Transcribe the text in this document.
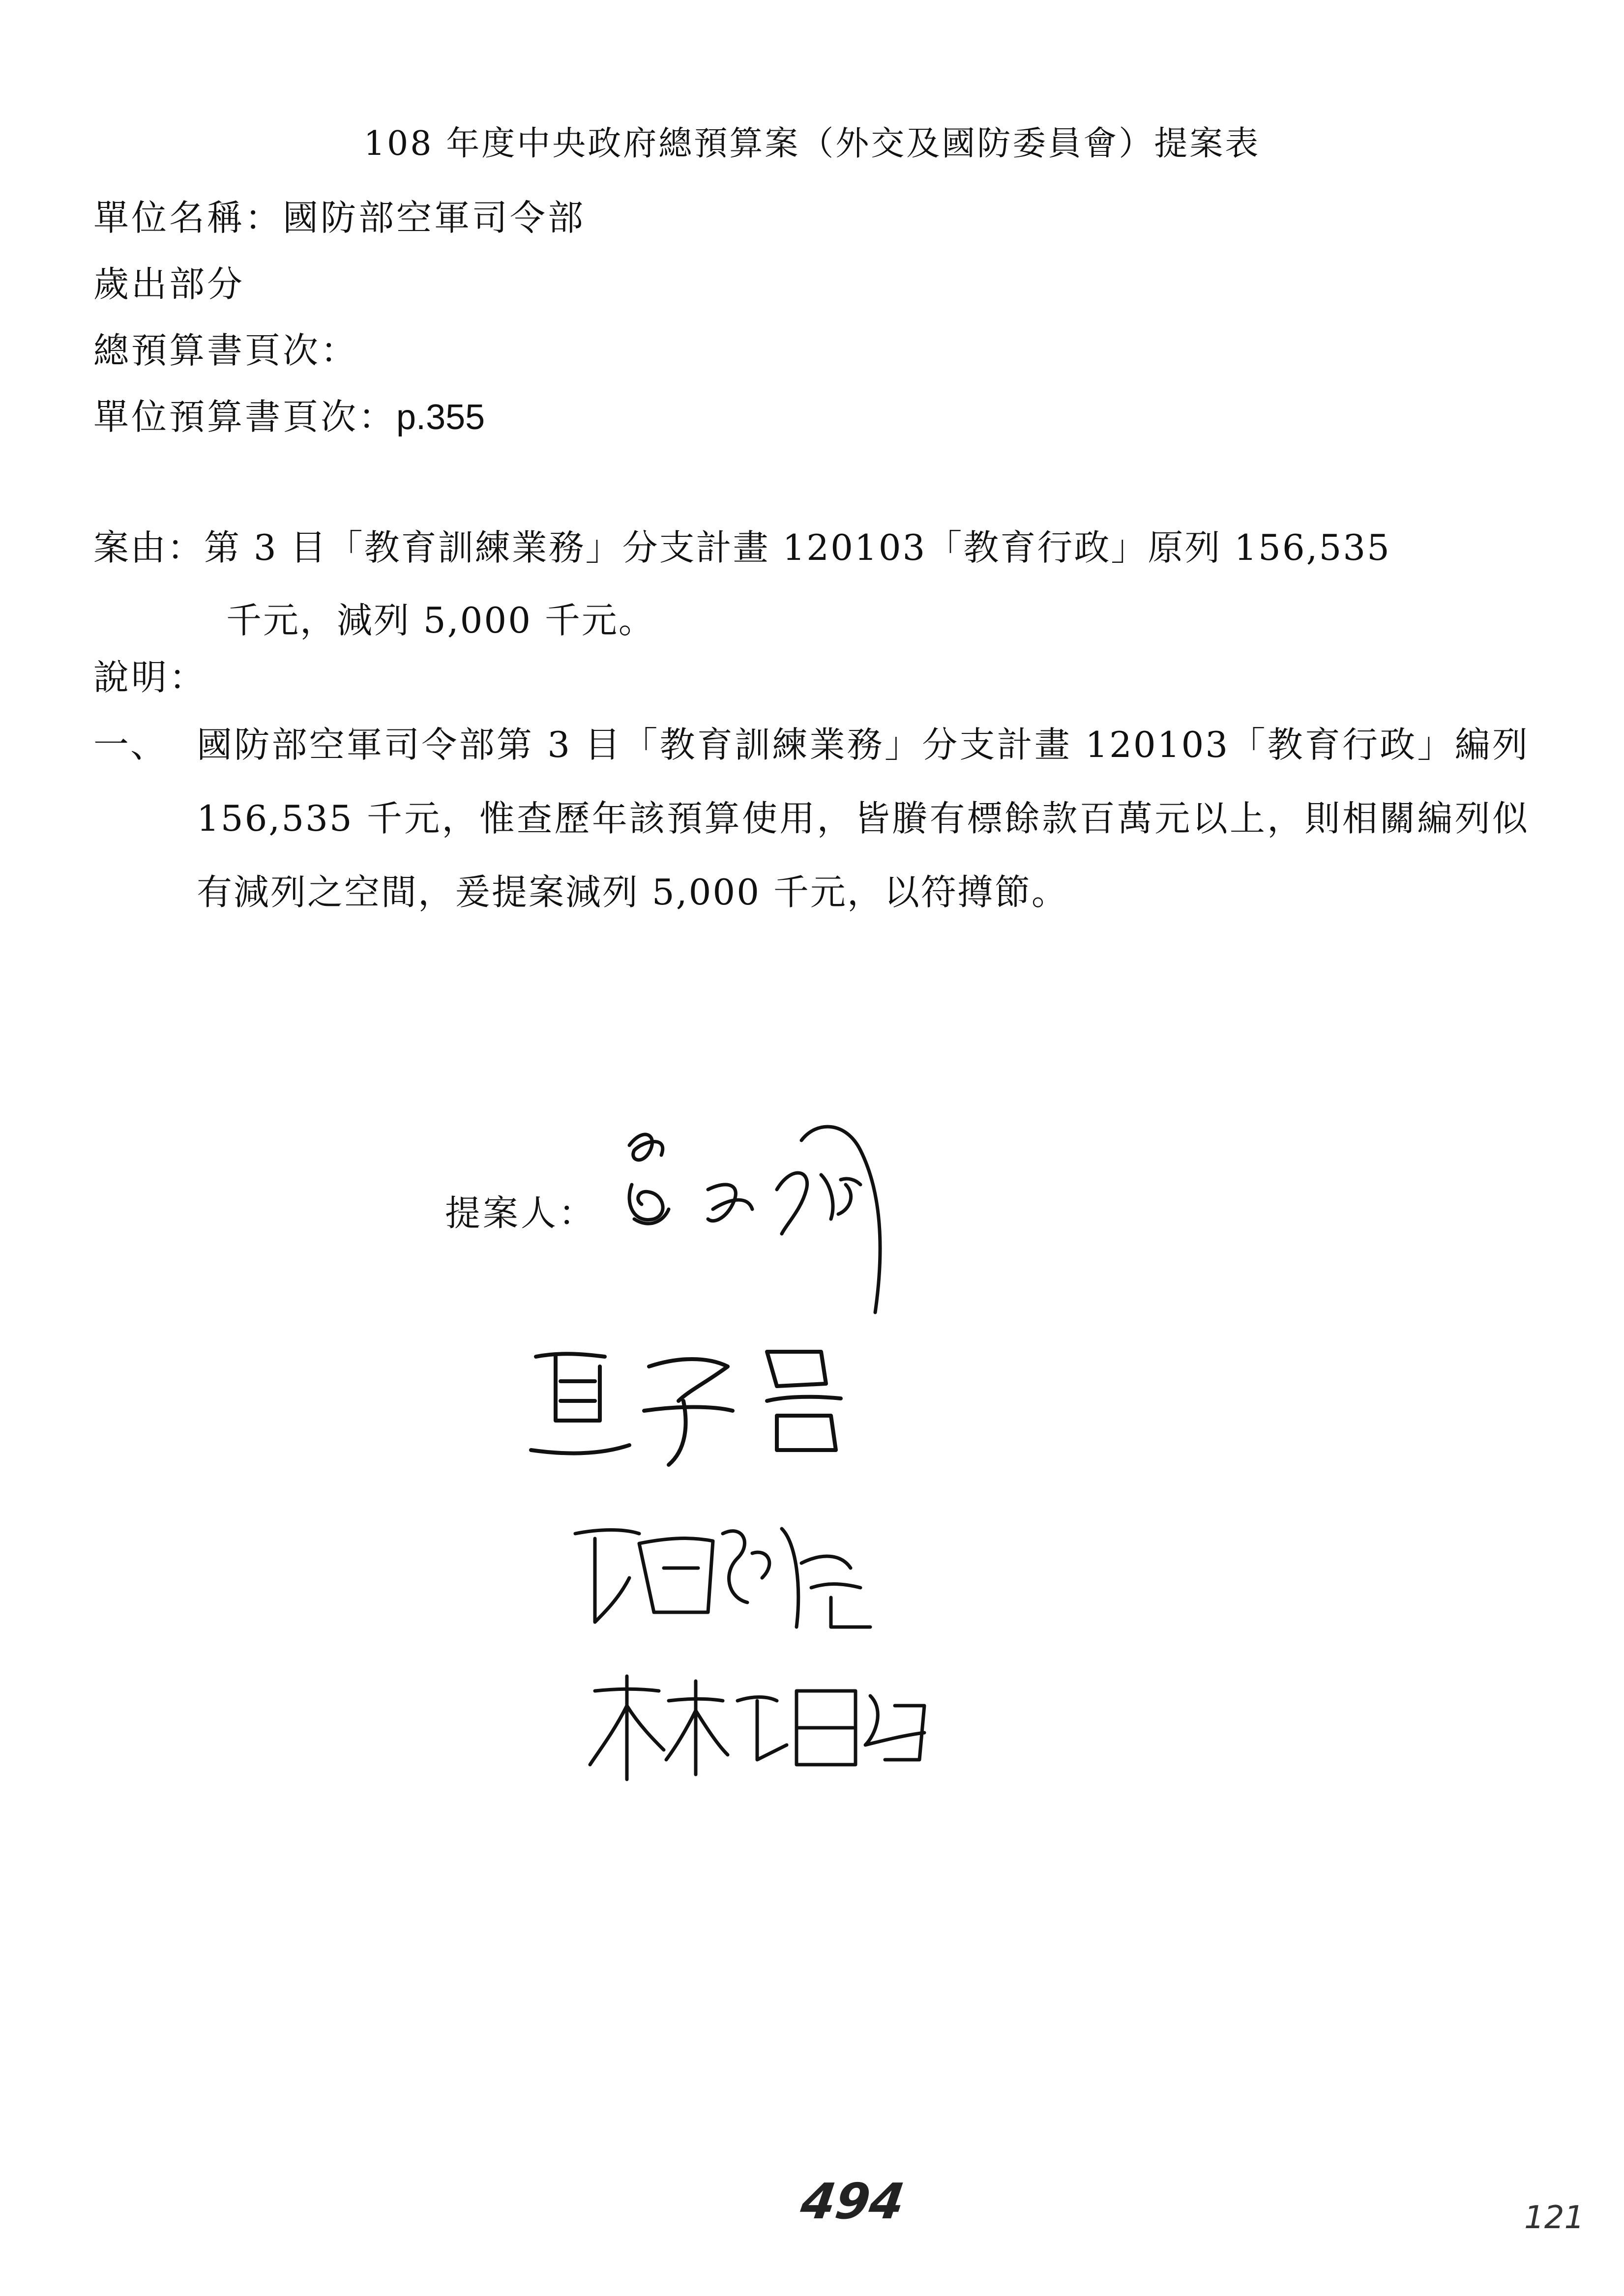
108 年度中央政府總預算案（外交及國防委員會）提案表
單位名稱：國防部空軍司令部
歲出部分
總預算書頁次：
單位預算書頁次：p.355
案由：第 3 目「教育訓練業務」分支計畫 120103「教育行政」原列 156,535
千元，減列 5,000 千元。
說明：
一、 國防部空軍司令部第 3 目「教育訓練業務」分支計畫 120103「教育行政」編列 156,535 千元，惟查歷年該預算使用，皆賸有標餘款百萬元以上，則相關編列似有減列之空間，爰提案減列 5,000 千元，以符撙節。
提案人：
494	121
